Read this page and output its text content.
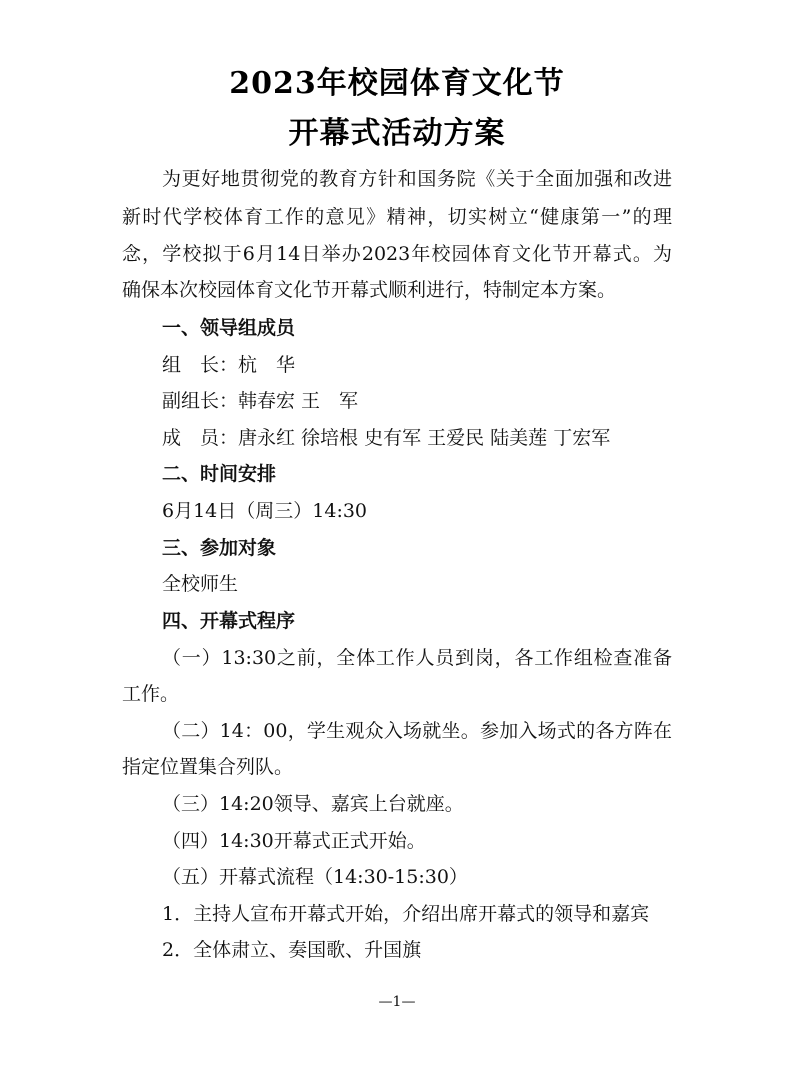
2023年校园体育文化节
开幕式活动方案
为更好地贯彻党的教育方针和国务院《关于全面加强和改进
新时代学校体育工作的意见》精神，切实树立“健康第一”的理
念，学校拟于6月14日举办2023年校园体育文化节开幕式。为
确保本次校园体育文化节开幕式顺利进行，特制定本方案。
一、领导组成员
组　长：杭　华
副组长：韩春宏 王　军
成　员：唐永红 徐培根 史有军 王爱民 陆美莲 丁宏军
二、时间安排
6月14日（周三）14:30
三、参加对象
全校师生
四、开幕式程序
（一）13:30之前，全体工作人员到岗，各工作组检查准备
工作。
（二）14：00，学生观众入场就坐。参加入场式的各方阵在
指定位置集合列队。
（三）14:20领导、嘉宾上台就座。
（四）14:30开幕式正式开始。
（五）开幕式流程（14:30-15:30）
1．主持人宣布开幕式开始，介绍出席开幕式的领导和嘉宾
2．全体肃立、奏国歌、升国旗
—1—
